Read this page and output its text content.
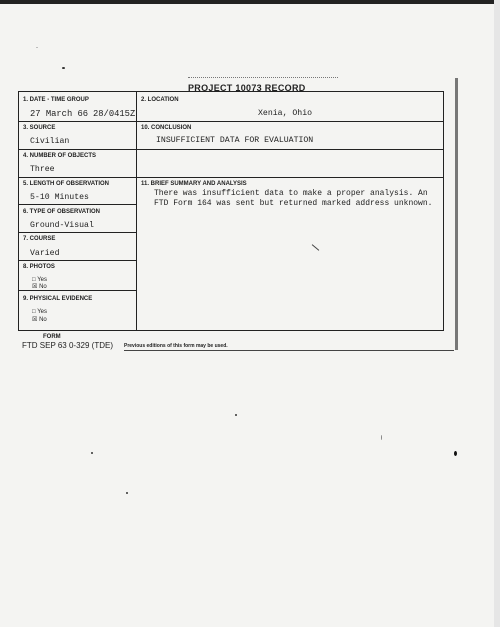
PROJECT 10073 RECORD
1. DATE - TIME GROUP
27 March 66 28/0415Z
2. LOCATION
Xenia, Ohio
3. SOURCE
Civilian
10. CONCLUSION
INSUFFICIENT DATA FOR EVALUATION
4. NUMBER OF OBJECTS
Three
5. LENGTH OF OBSERVATION
5-10 Minutes
11. BRIEF SUMMARY AND ANALYSIS
There was insufficient data to make a proper analysis. An
FTD Form 164 was sent but returned marked address unknown.
6. TYPE OF OBSERVATION
Ground-Visual
7. COURSE
Varied
8. PHOTOS
□ Yes
☒ No
9. PHYSICAL EVIDENCE
□ Yes
☒ No
FORM
FTD SEP 63 0-329 (TDE) Previous editions of this form may be used.
